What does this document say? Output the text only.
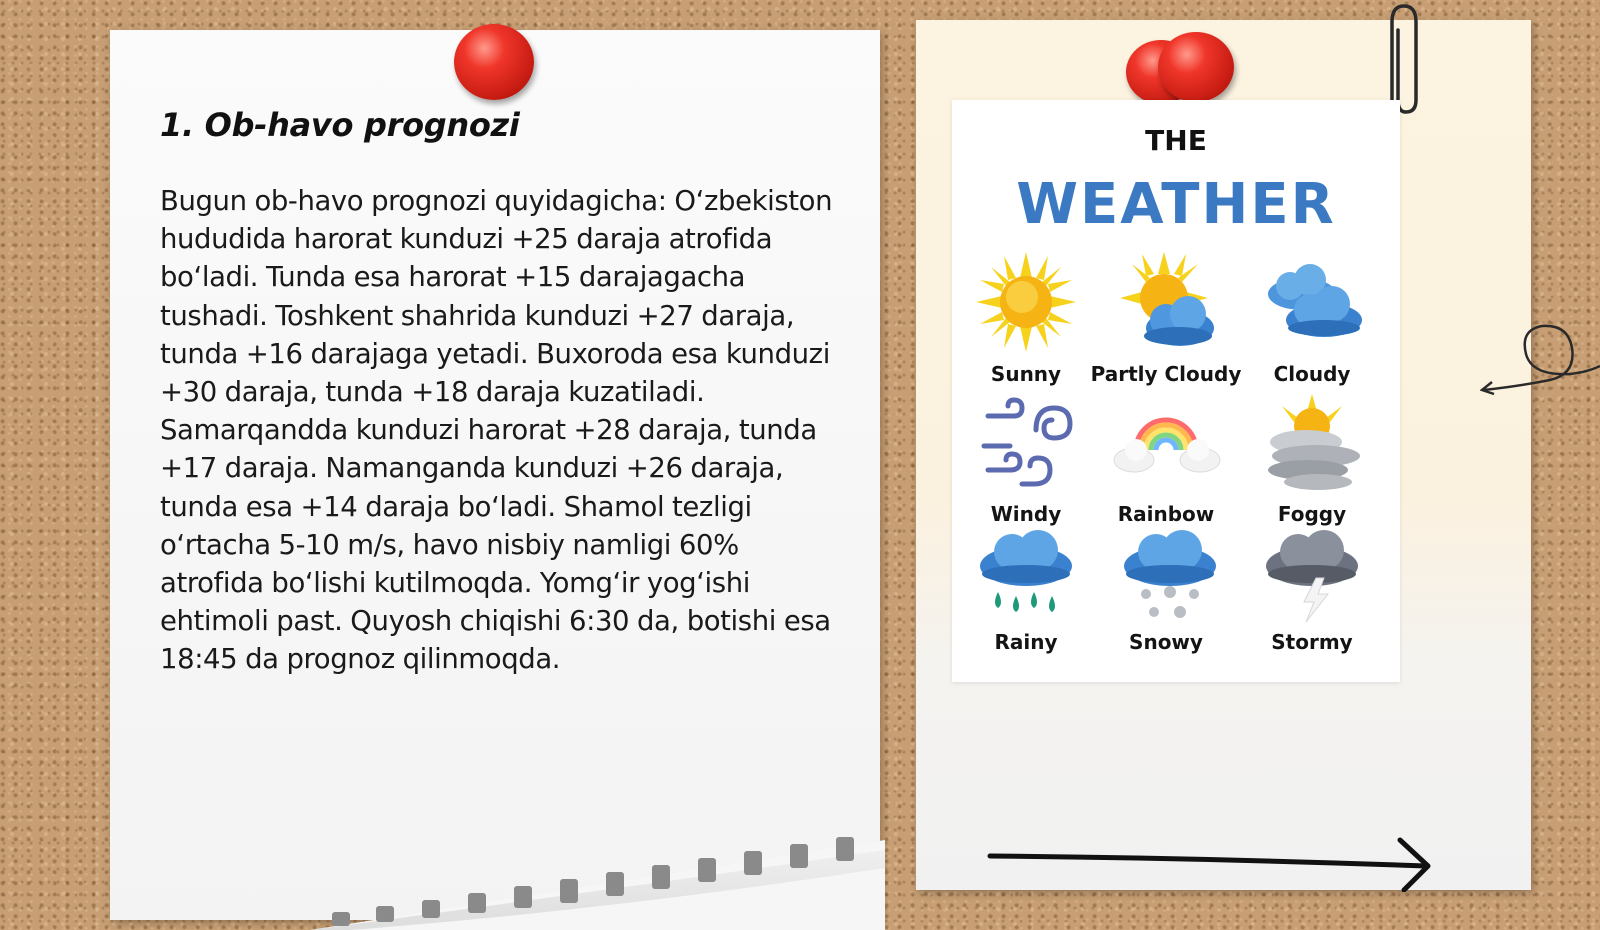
1. Ob-havo prognozi

Bugun ob-havo prognozi quyidagicha: O‘zbekiston hududida harorat kunduzi +25 daraja atrofida bo‘ladi. Tunda esa harorat +15 darajagacha tushadi. Toshkent shahrida kunduzi +27 daraja, tunda +16 darajaga yetadi. Buxoroda esa kunduzi +30 daraja, tunda +18 daraja kuzatiladi. Samarqandda kunduzi harorat +28 daraja, tunda +17 daraja. Namanganda kunduzi +26 daraja, tunda esa +14 daraja bo‘ladi. Shamol tezligi o‘rtacha 5-10 m/s, havo nisbiy namligi 60% atrofida bo‘lishi kutilmoqda. Yomg‘ir yog‘ishi ehtimoli past. Quyosh chiqishi 6:30 da, botishi esa 18:45 da prognoz qilinmoqda.

THE
WEATHER
Sunny	Partly Cloudy	Cloudy
Windy	Rainbow	Foggy
Rainy	Snowy	Stormy
